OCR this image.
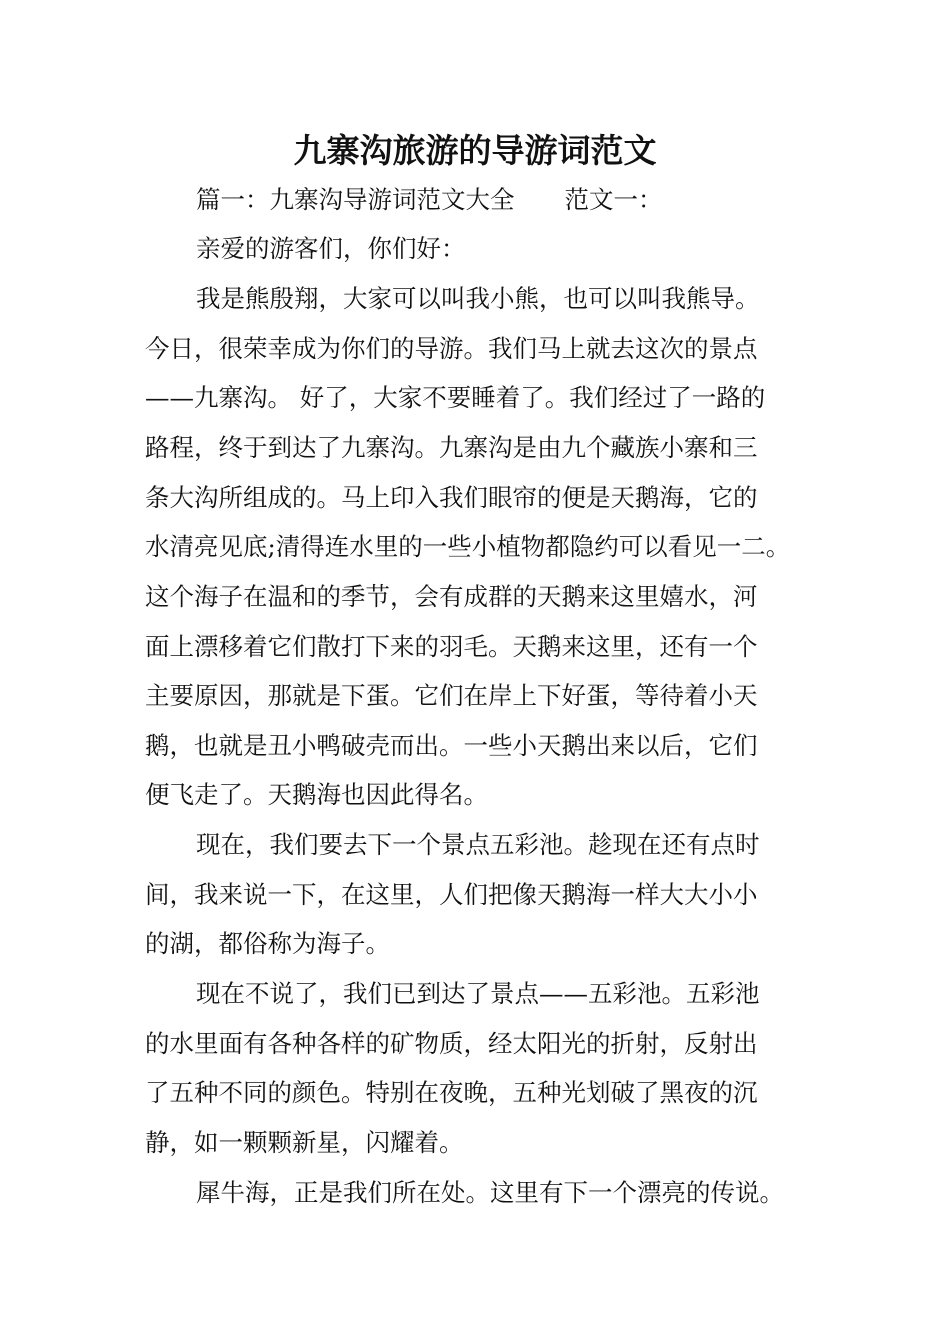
九寨沟旅游的导游词范文

篇一：九寨沟导游词范文大全 范文一：

亲爱的游客们，你们好：

我是熊殷翔，大家可以叫我小熊，也可以叫我熊导。

今日，很荣幸成为你们的导游。我们马上就去这次的景点

——九寨沟。 好了，大家不要睡着了。我们经过了一路的

路程，终于到达了九寨沟。九寨沟是由九个藏族小寨和三

条大沟所组成的。马上印入我们眼帘的便是天鹅海，它的

水清亮见底;清得连水里的一些小植物都隐约可以看见一二。

这个海子在温和的季节，会有成群的天鹅来这里嬉水，河

面上漂移着它们散打下来的羽毛。天鹅来这里，还有一个

主要原因，那就是下蛋。它们在岸上下好蛋，等待着小天

鹅，也就是丑小鸭破壳而出。一些小天鹅出来以后，它们

便飞走了。天鹅海也因此得名。

现在，我们要去下一个景点五彩池。趁现在还有点时

间，我来说一下，在这里，人们把像天鹅海一样大大小小

的湖，都俗称为海子。

现在不说了，我们已到达了景点——五彩池。五彩池

的水里面有各种各样的矿物质，经太阳光的折射，反射出

了五种不同的颜色。特别在夜晚，五种光划破了黑夜的沉

静，如一颗颗新星，闪耀着。

犀牛海，正是我们所在处。这里有下一个漂亮的传说。
